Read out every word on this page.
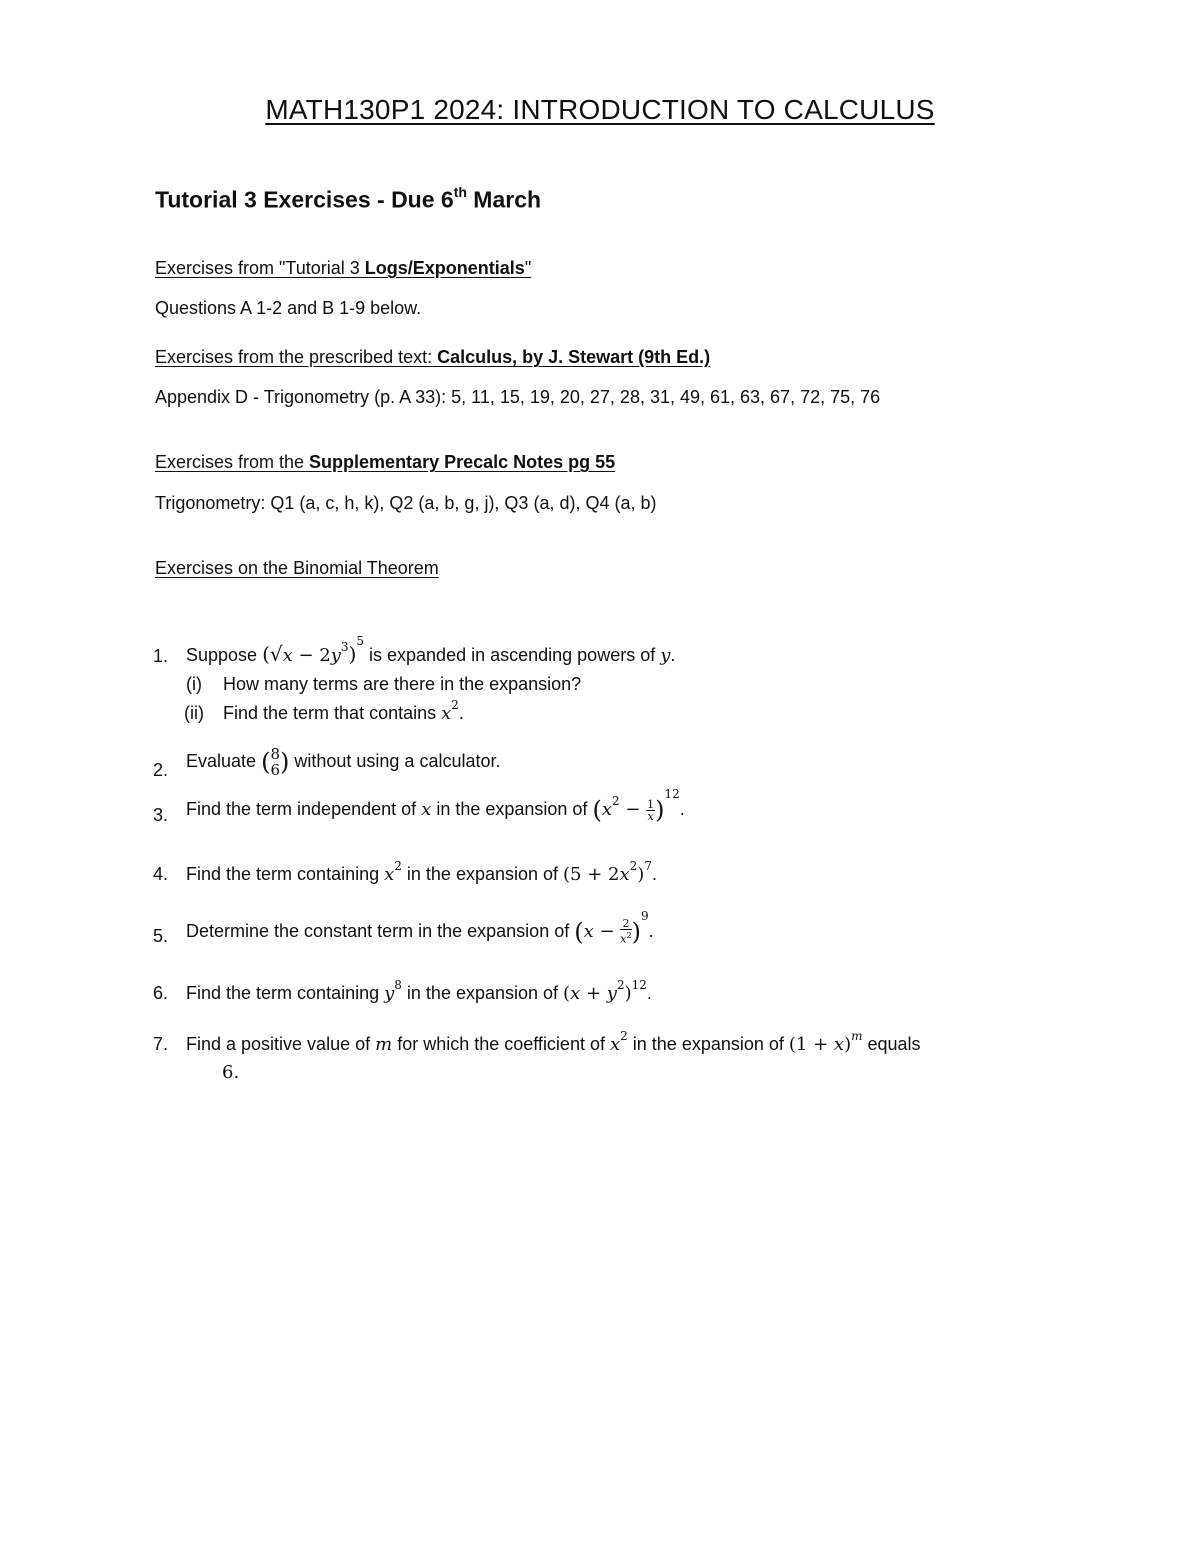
MATH130P1 2024: INTRODUCTION TO CALCULUS
Tutorial 3 Exercises - Due 6th March
Exercises from "Tutorial 3 Logs/Exponentials"
Questions A 1-2 and B 1-9 below.
Exercises from the prescribed text: Calculus, by J. Stewart (9th Ed.)
Appendix D - Trigonometry (p. A 33): 5, 11, 15, 19, 20, 27, 28, 31, 49, 61, 63, 67, 72, 75, 76
Exercises from the Supplementary Precalc Notes pg 55
Trigonometry: Q1 (a, c, h, k), Q2 (a, b, g, j), Q3 (a, d), Q4 (a, b)
Exercises on the Binomial Theorem
1. Suppose $(√x - 2y^3)^5$ is expanded in ascending powers of y.
(i) How many terms are there in the expansion?
(ii) Find the term that contains $x^2$.
2. Evaluate ( 8
6 ) without using a calculator.
3. Find the term independent of x in the expansion of $(x^2 - \frac{1}{x} )^{12}$.
4. Find the term containing $x^2$ in the expansion of $(5 + 2x^2)^7$.
5. Determine the constant term in the expansion of $(x - \frac{2}{x^2} )^9$.
6. Find the term containing $y^8$ in the expansion of $(x + y^2)^{12}$.
7. Find a positive value of m for which the coefficient of $x^2$ in the expansion of $(1 + x)^m$ equals
6.
